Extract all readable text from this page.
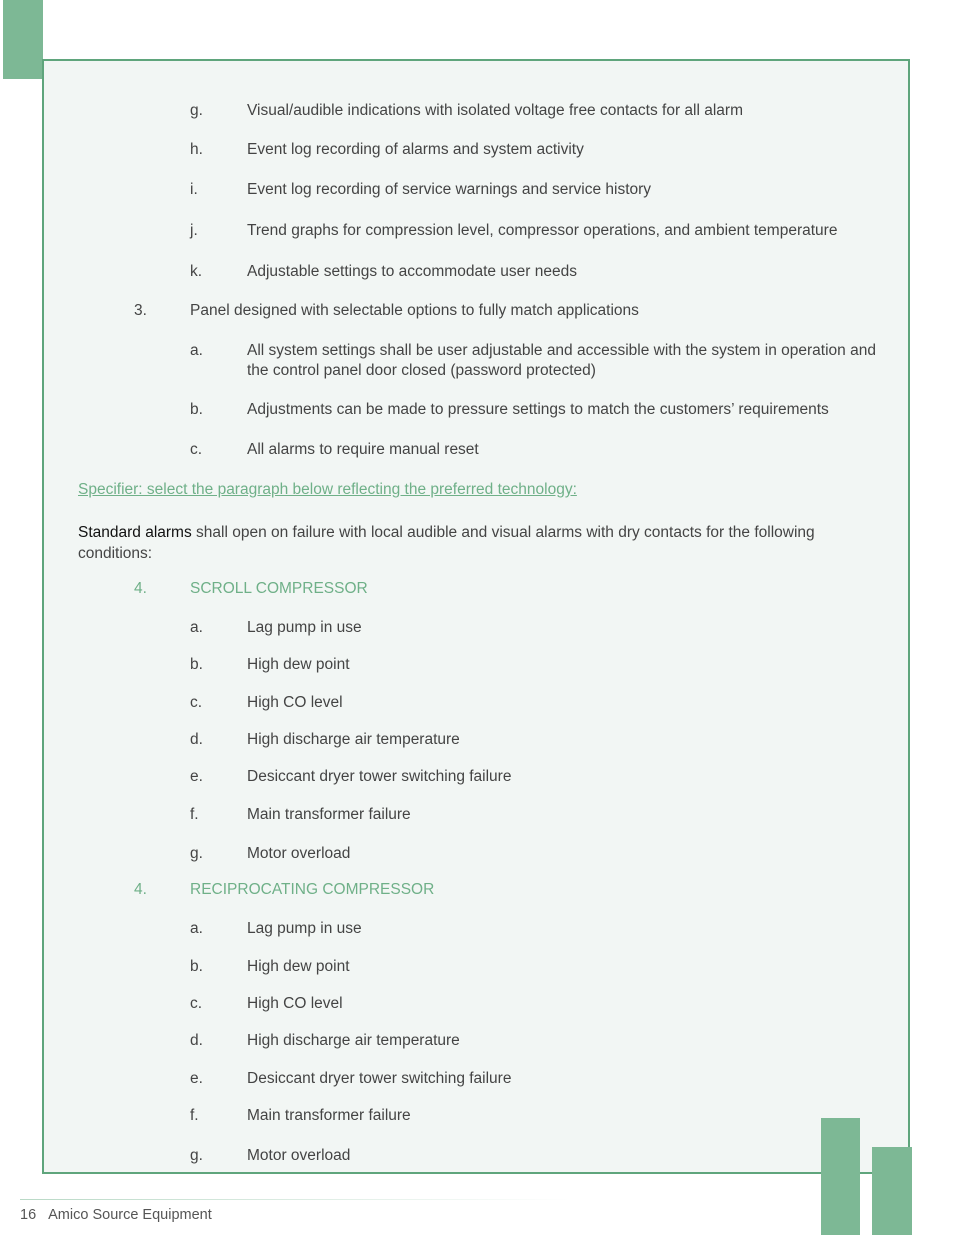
g.	Visual/audible indications with isolated voltage free contacts for all alarm
h.	Event log recording of alarms and system activity
i.	Event log recording of service warnings and service history
j.	Trend graphs for compression level, compressor operations, and ambient temperature
k.	Adjustable settings to accommodate user needs
3.	Panel designed with selectable options to fully match applications
a.	All system settings shall be user adjustable and accessible with the system in operation and
the control panel door closed (password protected)
b.	Adjustments can be made to pressure settings to match the customers’ requirements
c.	All alarms to require manual reset
Specifier: select the paragraph below reflecting the preferred technology:
Standard alarms shall open on failure with local audible and visual alarms with dry contacts for the following conditions:
4.	SCROLL COMPRESSOR
a.	Lag pump in use
b.	High dew point
c.	High CO level
d.	High discharge air temperature
e.	Desiccant dryer tower switching failure
f.	Main transformer failure
g.	Motor overload
4.	RECIPROCATING COMPRESSOR
a.	Lag pump in use
b.	High dew point
c.	High CO level
d.	High discharge air temperature
e.	Desiccant dryer tower switching failure
f.	Main transformer failure
g.	Motor overload
16 Amico Source Equipment
